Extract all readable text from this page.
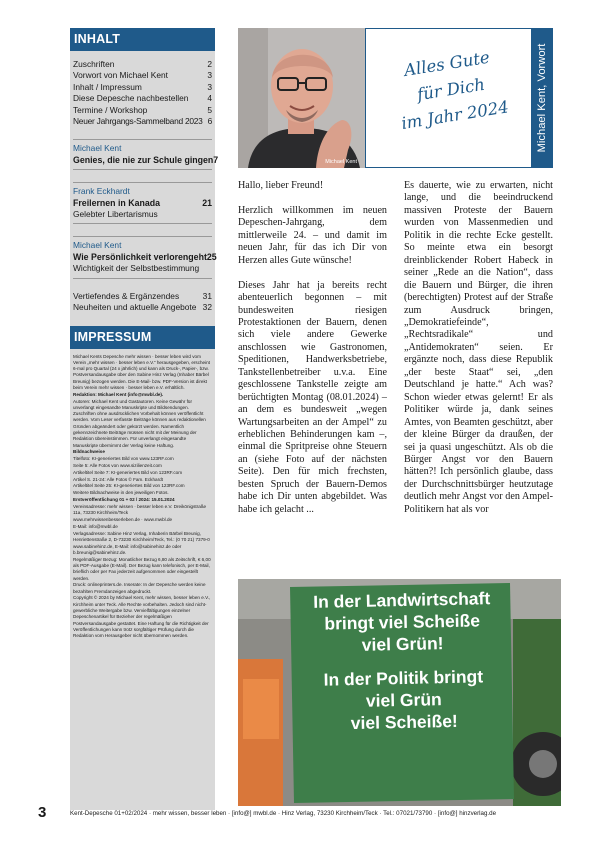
INHALT
Zuschriften	2
Vorwort von Michael Kent	3
Inhalt / Impressum	3
Diese Depesche nachbestellen 4
Termine / Workshop	5
Neuer Jahrgangs-Sammelband 2023 6
Michael Kent
Genies, die nie zur Schule gingen 7
Frank Eckhardt
Freilernen in Kanada	21
Gelebter Libertarismus
Michael Kent
Wie Persönlichkeit verlorengeht 25
Wichtigkeit der Selbstbestimmung
Vertiefendes & Ergänzendes	31
Neuheiten und aktuelle Angebote 32
IMPRESSUM

Michael Kents Depesche mehr wissen · besser leben wird vom Verein „mehr wissen · besser leben e.V.“ herausgegeben, erscheint 6-mal pro Quartal (24 x jährlich) und kann als Druck-, Papier-, bzw. Postversandausgabe über den Sabine Hinz Verlag (Inhaber Bärbel Breunig) bezogen werden. Die E-Mail- bzw. PDF-Version ist direkt beim Verein mehr wissen · besser leben e.V. erhältlich.

Redaktion: Michael Kent (info@mwbl.de).

Autoren: Michael Kent und Gastautoren. Keine Gewähr für unverlangt eingesandte Manuskripte und Bildsendungen. Zuschriften ohne ausdrücklichen Vorbehalt können veröffentlicht werden. Vom Leser verfasste Beiträge können aus redaktionellen Gründen abgeändert oder gekürzt werden. Namentlich gekennzeichnete Beiträge müssen nicht mit der Meinung der Redaktion übereinstimmen. Für unverlangt eingesandte Manuskripte übernimmt der Verlag keine Haftung.

Bildnachweise

Titelfoto: KI-generiertes Bild von www.123RF.com

Seite 5: Alle Fotos von www.sizilienzeit.com

Artikeltitel Seite 7: KI-generiertes Bild von 123RF.com

Artikel S. 21-24: Alle Fotos © Fam. Eckhardt

Artikeltitel Seite 25: KI-generiertes Bild von 123RF.com

Weitere Bildnachweise in den jeweiligen Fotos.

Erstveröffentlichung 01 + 02 / 2024: 15.01.2024

Vereinsadresse: mehr wissen · besser leben e.V. Dreikönigstraße 11a, 73230 Kirchheim/Teck

www.mehrwissenbesserleben.de · www.mwbl.de

E-Mail: info@mwbl.de

Verlagsadresse: Sabine Hinz Verlag, Inhaberin Bärbel Breunig, Henriettenstraße 2, D-73230 Kirchheim/Teck, Tel.: (0 70 21) 7379-0

www.sabinehinz.de, E-Mail: info@sabinehinz.de oder b.breunig@sabinehinz.de.

Regelmäßiger Bezug: Monatlicher Bezug 6,80 als Zeitschrift, € 6,00 als PDF-Ausgabe (E-Mail). Der Bezug kann telefonisch, per E-Mail, brieflich oder per Fax jederzeit aufgenommen oder eingestellt werden.

Druck: onlineprinters.de. Inserate: In der Depesche werden keine bezahlten Fremdanzeigen abgedruckt.

Copyright © 2024 by Michael Kent, mehr wissen, besser leben e.V., Kirchheim unter Teck. Alle Rechte vorbehalten. Jedoch sind nicht-gewerbliche Weitergabe bzw. Vervielfältigungen einzelner Depeschenartikel für Bezieher der regelmäßigen Postversandausgabe gestattet. Eine Haftung für die Richtigkeit der Veröffentlichungen kann trotz sorgfältiger Prüfung durch die Redaktion vom Herausgeber nicht übernommen werden.

Michael Kent
Alles Gute
für Dich
im Jahr 2024	Michael Kent, Vorwort

Hallo, lieber Freund!

Herzlich willkommen im neuen Depeschen-Jahrgang, dem mittlerweile 24. – und damit im neuen Jahr, für das ich Dir von Herzen alles Gute wünsche!

Dieses Jahr hat ja bereits recht abenteuerlich begonnen – mit bundesweiten riesigen Protestaktionen der Bauern, denen sich viele andere Gewerke anschlossen wie Gastronomen, Speditionen, Handwerksbetriebe, Tankstellenbetreiber u.v.a. Eine geschlossene Tankstelle zeigte am berüchtigten Montag (08.01.2024) – an dem es bundesweit „wegen Wartungsarbeiten an der Ampel“ zu erheblichen Behinderungen kam –, einmal die Spritpreise ohne Steuern an (siehe Foto auf der nächsten Seite). Den für mich frechsten, besten Spruch der Bauern-Demos habe ich Dir unten abgebildet. Was habe ich gelacht ...

Es dauerte, wie zu erwarten, nicht lange, und die beeindruckend massiven Proteste der Bauern wurden von Massenmedien und Politik in die rechte Ecke gestellt. So meinte etwa ein besorgt dreinblickender Robert Habeck in seiner „Rede an die Nation“, dass die Bauern und Bürger, die ihren (berechtigten) Protest auf der Straße zum Ausdruck bringen, „Demokratiefeinde“, „Rechtsradikale“ und „Antidemokraten“ seien. Er ergänzte noch, dass diese Republik „der beste Staat“ sei, „den Deutschland je hatte.“ Ach was? Schon wieder etwas gelernt! Er als Politiker würde ja, dank seines Amtes, von Beamten geschützt, aber der kleine Bürger da draußen, der sei ja quasi ungeschützt. Als ob die Bürger Angst vor den Bauern hätten?! Ich persönlich glaube, dass der Durchschnittsbürger heutzutage deutlich mehr Angst vor den Ampel-Politikern hat als vor

In der Landwirtschaft
bringt viel Scheiße
viel Grün!
In der Politik bringt
viel Grün
viel Scheiße!
3	Kent-Depesche 01+02/2024 · mehr wissen, besser leben · [info@] mwbl.de · Hinz Verlag, 73230 Kirchheim/Teck · Tel.: 07021/73790 · [info@] hinzverlag.de
